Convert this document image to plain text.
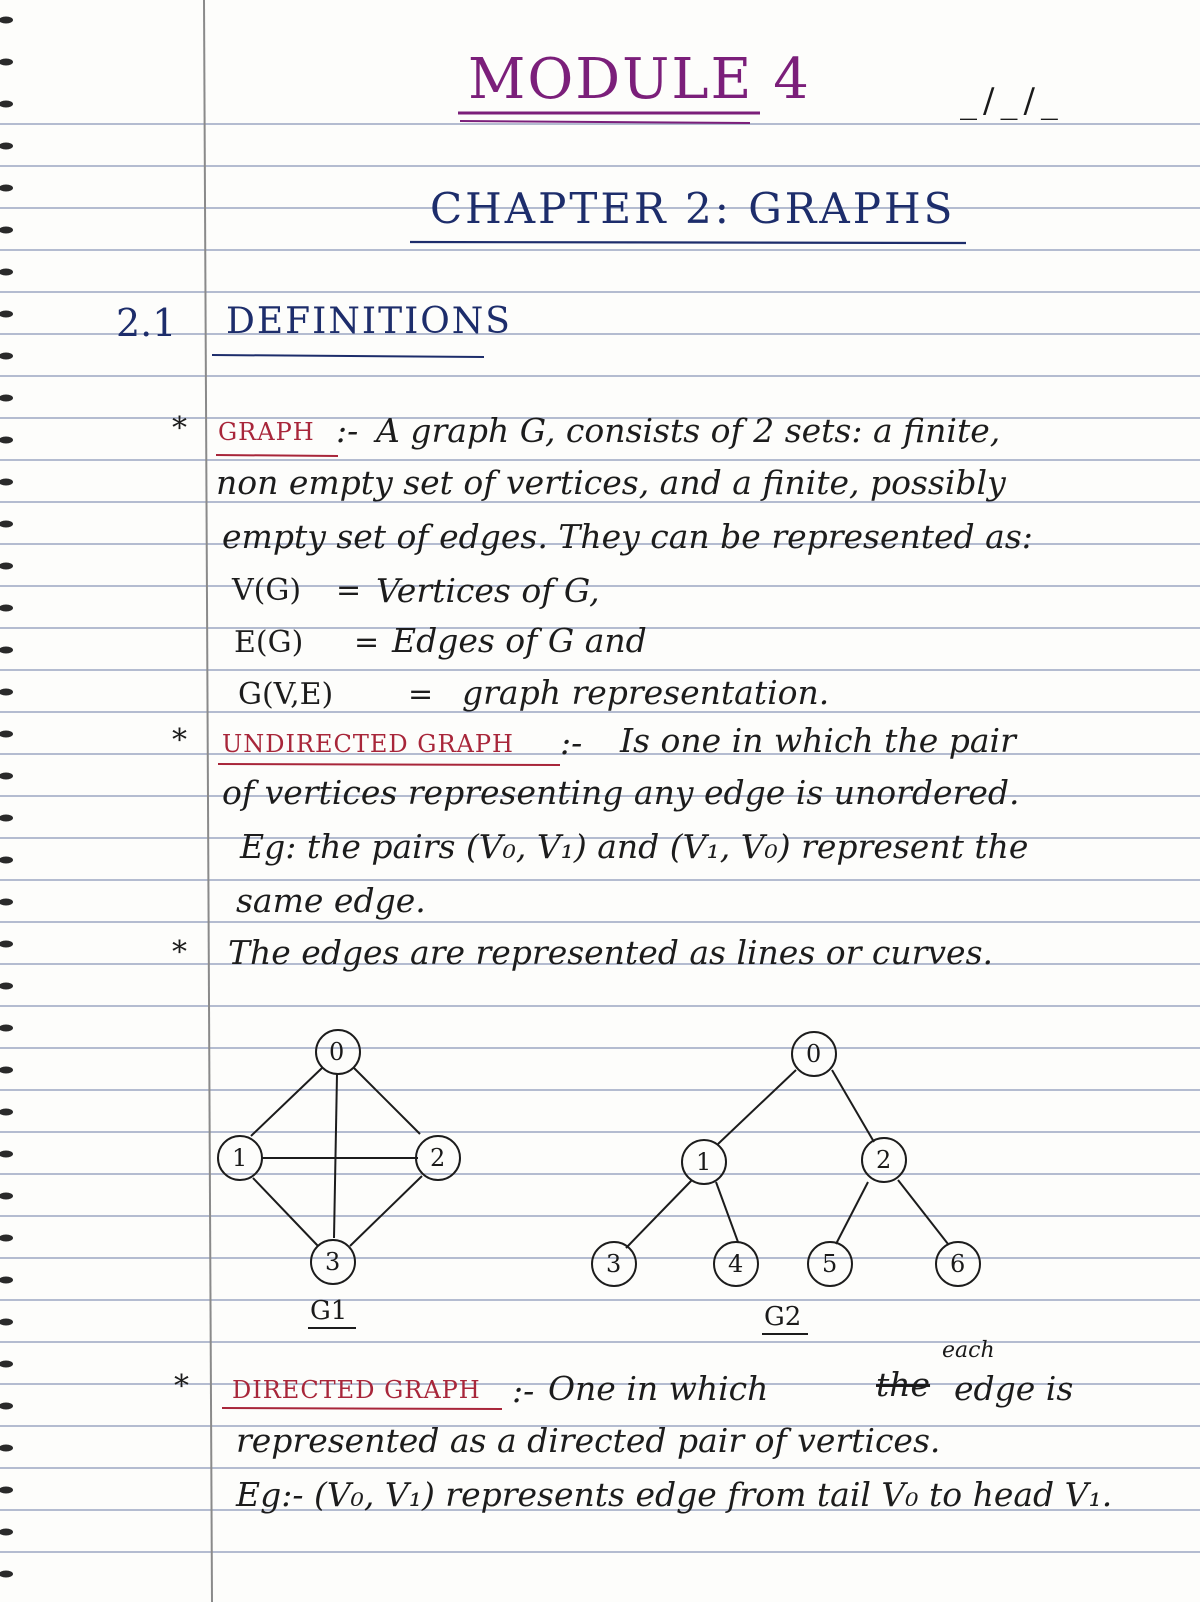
MODULE 4	_/_/_
CHAPTER 2: GRAPHS
2.1 DEFINITIONS
* GRAPH :- A graph G, consists of 2 sets: a finite,
non empty set of vertices, and a finite, possibly
empty set of edges. They can be represented as:
V(G) = Vertices of G,
E(G) = Edges of G and
G(V,E) = graph representation.
* UNDIRECTED GRAPH :- Is one in which the pair
of vertices representing any edge is unordered.
Eg: the pairs (V₀, V₁) and (V₁, V₀) represent the
same edge.
* The edges are represented as lines or curves.
0
1	2
3
G1
0
1	2
3	4	5	6
G2
* DIRECTED GRAPH :- One in which	the
each
edge is
represented as a directed pair of vertices.
Eg:- (V₀, V₁) represents edge from tail V₀ to head V₁.
